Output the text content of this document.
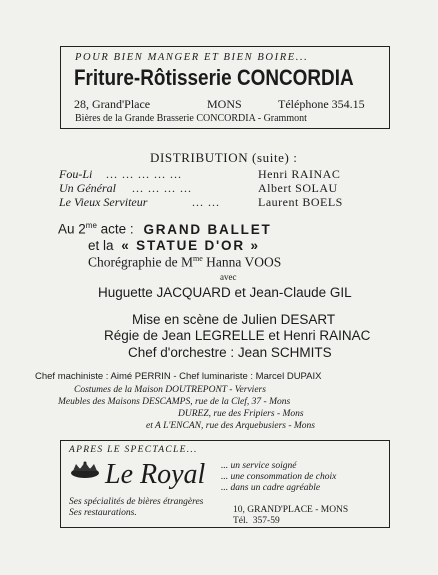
POUR BIEN MANGER ET BIEN BOIRE...
Friture-Rôtisserie CONCORDIA
28, Grand'Place	MONS	Téléphone 354.15
Bières de la Grande Brasserie CONCORDIA - Grammont
DISTRIBUTION (suite) :
Fou-Li ... ... ... ... ...	Henri RAINAC
Un Général ... ... ... ...	Albert SOLAU
Le Vieux Serviteur	... ...	Laurent BOELS
Au $2^{me}$ acte : GRAND BALLET
et la « STATUE D'OR »
Chorégraphie de $M^{me}$ Hanna VOOS
avec
Huguette JACQUARD et Jean-Claude GIL
Mise en scène de Julien DESART
Régie de Jean LEGRELLE et Henri RAINAC
Chef d'orchestre : Jean SCHMITS
Chef machiniste : Aimé PERRIN - Chef luminariste : Marcel DUPAIX
Costumes de la Maison DOUTREPONT - Verviers
Meubles des Maisons DESCAMPS, rue de la Clef, 37 - Mons
DUREZ, rue des Fripiers - Mons
et A L'ENCAN, rue des Arquebusiers - Mons
APRES LE SPECTACLE...
Le Royal ... un service soigné
... une consommation de choix
... dans un cadre agréable
Ses spécialités de bières étrangères
Ses restaurations.	10, GRAND'PLACE - MONS
Tél. 357-59
